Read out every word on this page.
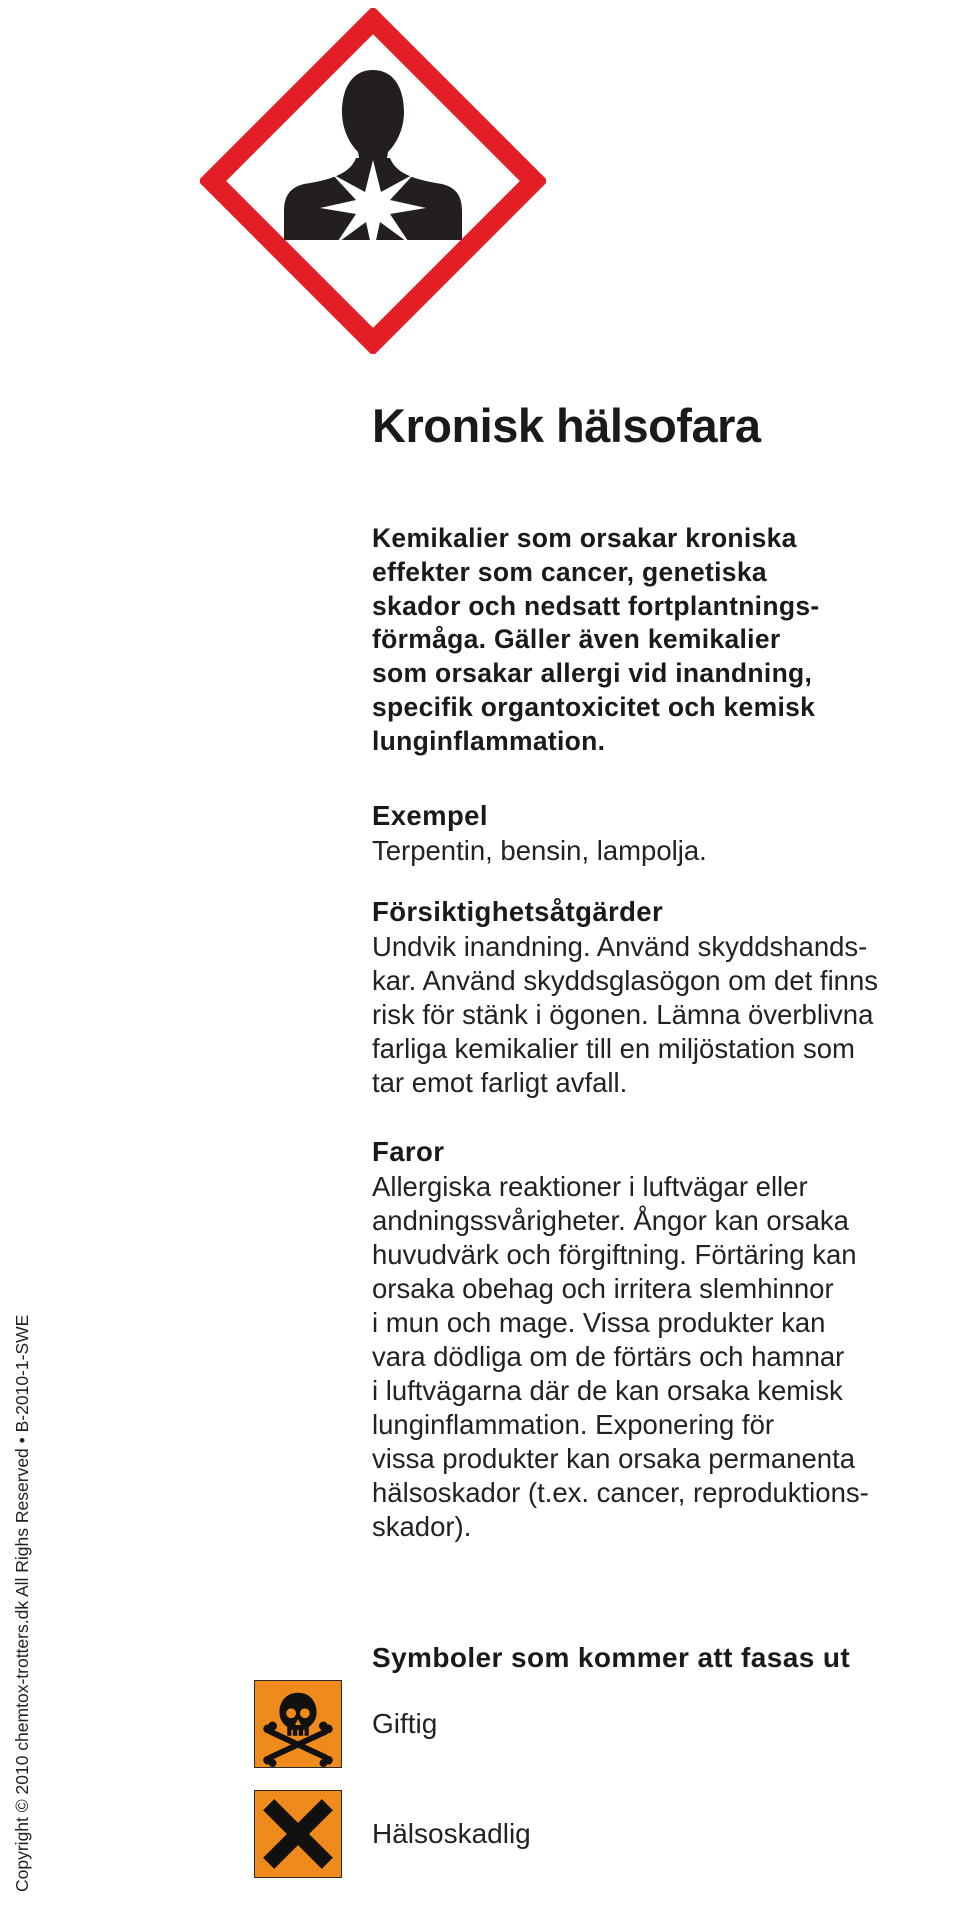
Kronisk hälsofara
Kemikalier som orsakar kroniska
effekter som cancer, genetiska
skador och nedsatt fortplantnings-
förmåga. Gäller även kemikalier
som orsakar allergi vid inandning,
specifik organtoxicitet och kemisk
lunginflammation.
Exempel
Terpentin, bensin, lampolja.
Försiktighetsåtgärder
Undvik inandning. Använd skyddshands-
kar. Använd skyddsglasögon om det finns
risk för stänk i ögonen. Lämna överblivna
farliga kemikalier till en miljöstation som
tar emot farligt avfall.
Faror
Allergiska reaktioner i luftvägar eller
andningssvårigheter. Ångor kan orsaka
huvudvärk och förgiftning. Förtäring kan
orsaka obehag och irritera slemhinnor
i mun och mage. Vissa produkter kan
vara dödliga om de förtärs och hamnar
i luftvägarna där de kan orsaka kemisk
lunginflammation. Exponering för
vissa produkter kan orsaka permanenta
hälsoskador (t.ex. cancer, reproduktions-
skador).
Symboler som kommer att fasas ut
Giftig
Hälsoskadlig
Copyright © 2010 chemtox-trotters.dk All Righs Reserved • B-2010-1-SWE
